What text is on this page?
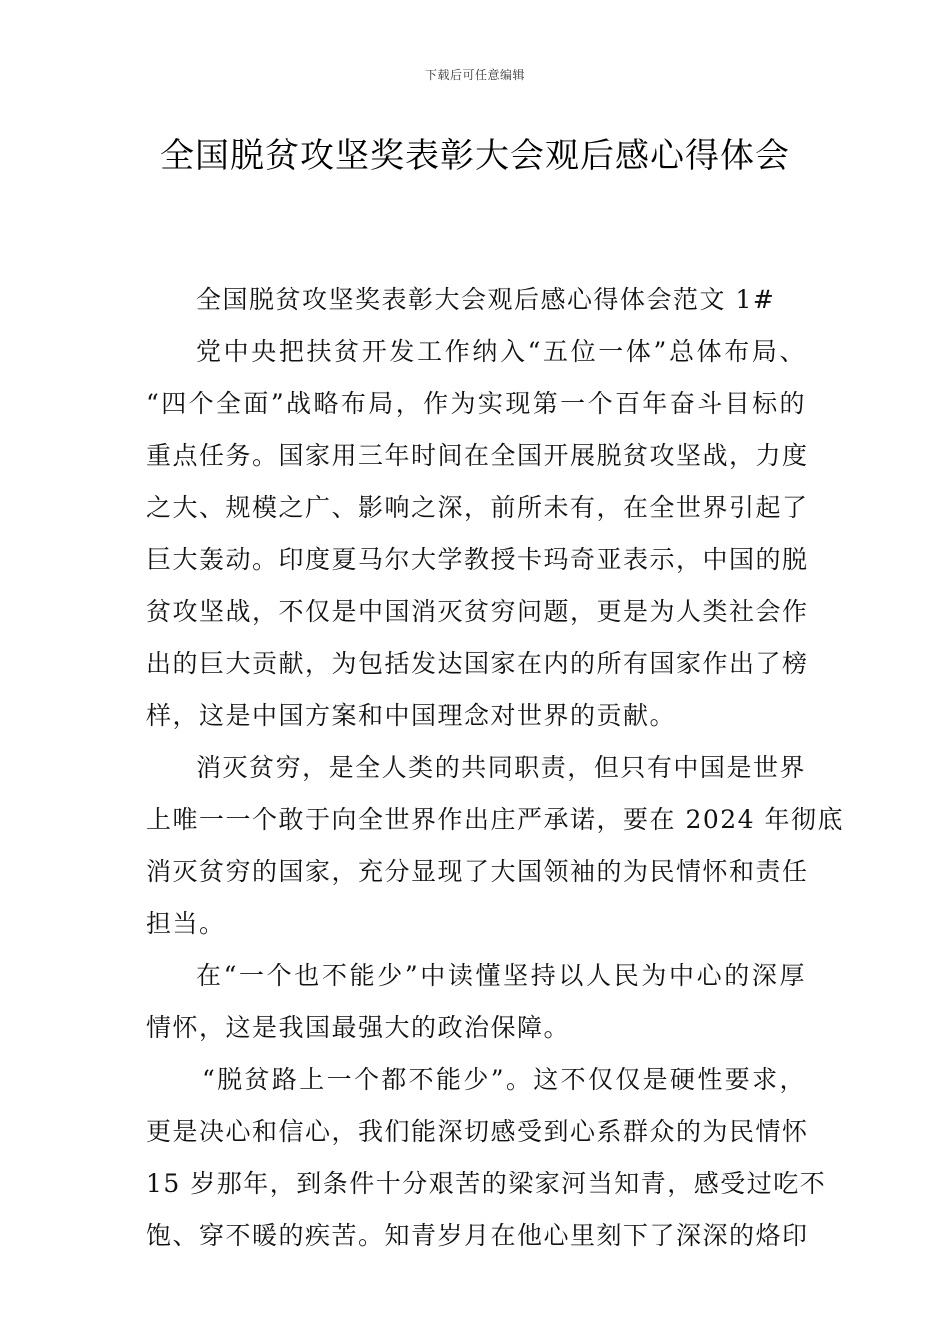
下载后可任意编辑
全国脱贫攻坚奖表彰大会观后感心得体会
全国脱贫攻坚奖表彰大会观后感心得体会范文 1#
党中央把扶贫开发工作纳入“五位一体”总体布局、
“四个全面”战略布局，作为实现第一个百年奋斗目标的
重点任务。国家用三年时间在全国开展脱贫攻坚战，力度
之大、规模之广、影响之深，前所未有，在全世界引起了
巨大轰动。印度夏马尔大学教授卡玛奇亚表示，中国的脱
贫攻坚战，不仅是中国消灭贫穷问题，更是为人类社会作
出的巨大贡献，为包括发达国家在内的所有国家作出了榜
样，这是中国方案和中国理念对世界的贡献。
消灭贫穷，是全人类的共同职责，但只有中国是世界
上唯一一个敢于向全世界作出庄严承诺，要在 2024 年彻底
消灭贫穷的国家，充分显现了大国领袖的为民情怀和责任
担当。
在“一个也不能少”中读懂坚持以人民为中心的深厚
情怀，这是我国最强大的政治保障。
“脱贫路上一个都不能少”。这不仅仅是硬性要求，
更是决心和信心，我们能深切感受到心系群众的为民情怀
15 岁那年，到条件十分艰苦的梁家河当知青，感受过吃不
饱、穿不暖的疾苦。知青岁月在他心里刻下了深深的烙印
